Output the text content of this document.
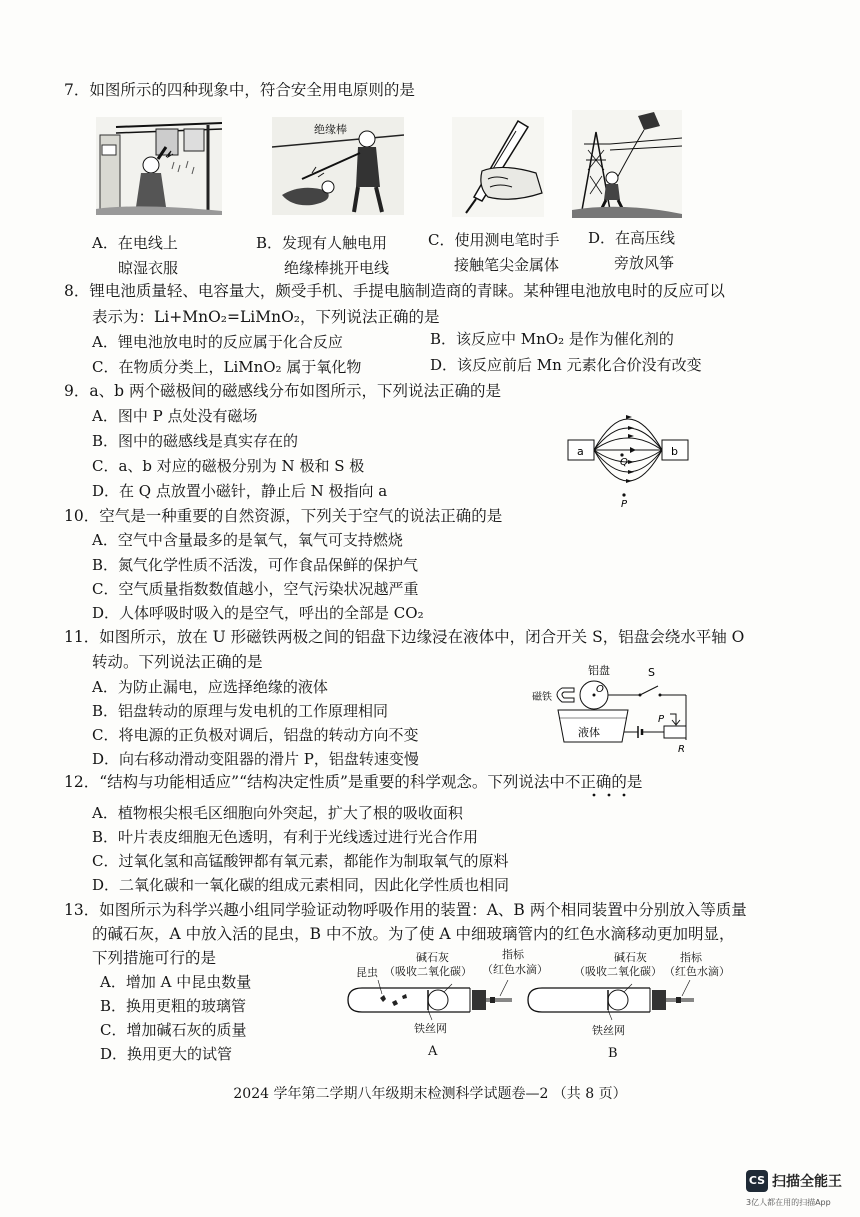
7．如图所示的四种现象中，符合安全用电原则的是
绝缘棒
A．在电线上
晾湿衣服
B．发现有人触电用
绝缘棒挑开电线
C．使用测电笔时手
接触笔尖金属体
D．在高压线
旁放风筝
8．锂电池质量轻、电容量大，颇受手机、手提电脑制造商的青睐。某种锂电池放电时的反应可以
表示为：Li+MnO₂=LiMnO₂，下列说法正确的是
A．锂电池放电时的反应属于化合反应	B．该反应中 MnO₂ 是作为催化剂的
C．在物质分类上，LiMnO₂ 属于氧化物	D．该反应前后 Mn 元素化合价没有改变
9．a、b 两个磁极间的磁感线分布如图所示，下列说法正确的是
A．图中 P 点处没有磁场
B．图中的磁感线是真实存在的
C．a、b 对应的磁极分别为 N 极和 S 极
D．在 Q 点放置小磁针，静止后 N 极指向 a
a	b
Q
P
10．空气是一种重要的自然资源，下列关于空气的说法正确的是
A．空气中含量最多的是氧气，氧气可支持燃烧
B．氮气化学性质不活泼，可作食品保鲜的保护气
C．空气质量指数数值越小，空气污染状况越严重
D．人体呼吸时吸入的是空气，呼出的全部是 CO₂
11．如图所示，放在 U 形磁铁两极之间的铝盘下边缘浸在液体中，闭合开关 S，铝盘会绕水平轴 O
转动。下列说法正确的是
A．为防止漏电，应选择绝缘的液体
B．铝盘转动的原理与发电机的工作原理相同
C．将电源的正负极对调后，铝盘的转动方向不变
D．向右移动滑动变阻器的滑片 P，铝盘转速变慢
铝盘	S
磁铁
O
液体
P
R
12．“结构与功能相适应”“结构决定性质”是重要的科学观念。下列说法中不正确的是
A．植物根尖根毛区细胞向外突起，扩大了根的吸收面积
B．叶片表皮细胞无色透明，有利于光线透过进行光合作用
C．过氧化氢和高锰酸钾都有氧元素，都能作为制取氧气的原料
D．二氧化碳和一氧化碳的组成元素相同，因此化学性质也相同
13．如图所示为科学兴趣小组同学验证动物呼吸作用的装置：A、B 两个相同装置中分别放入等质量
的碱石灰，A 中放入活的昆虫，B 中不放。为了使 A 中细玻璃管内的红色水滴移动更加明显，
下列措施可行的是
A．增加 A 中昆虫数量
B．换用更粗的玻璃管
C．增加碱石灰的质量
D．换用更大的试管
碱石灰
（吸收二氧化碳）
指标
（红色水滴）
昆虫
碱石灰
（吸收二氧化碳）
指标
（红色水滴）
铁丝网	铁丝网
A	B
2024 学年第二学期八年级期末检测科学试题卷—2 （共 8 页）
CS 扫描全能王
3亿人都在用的扫描App
